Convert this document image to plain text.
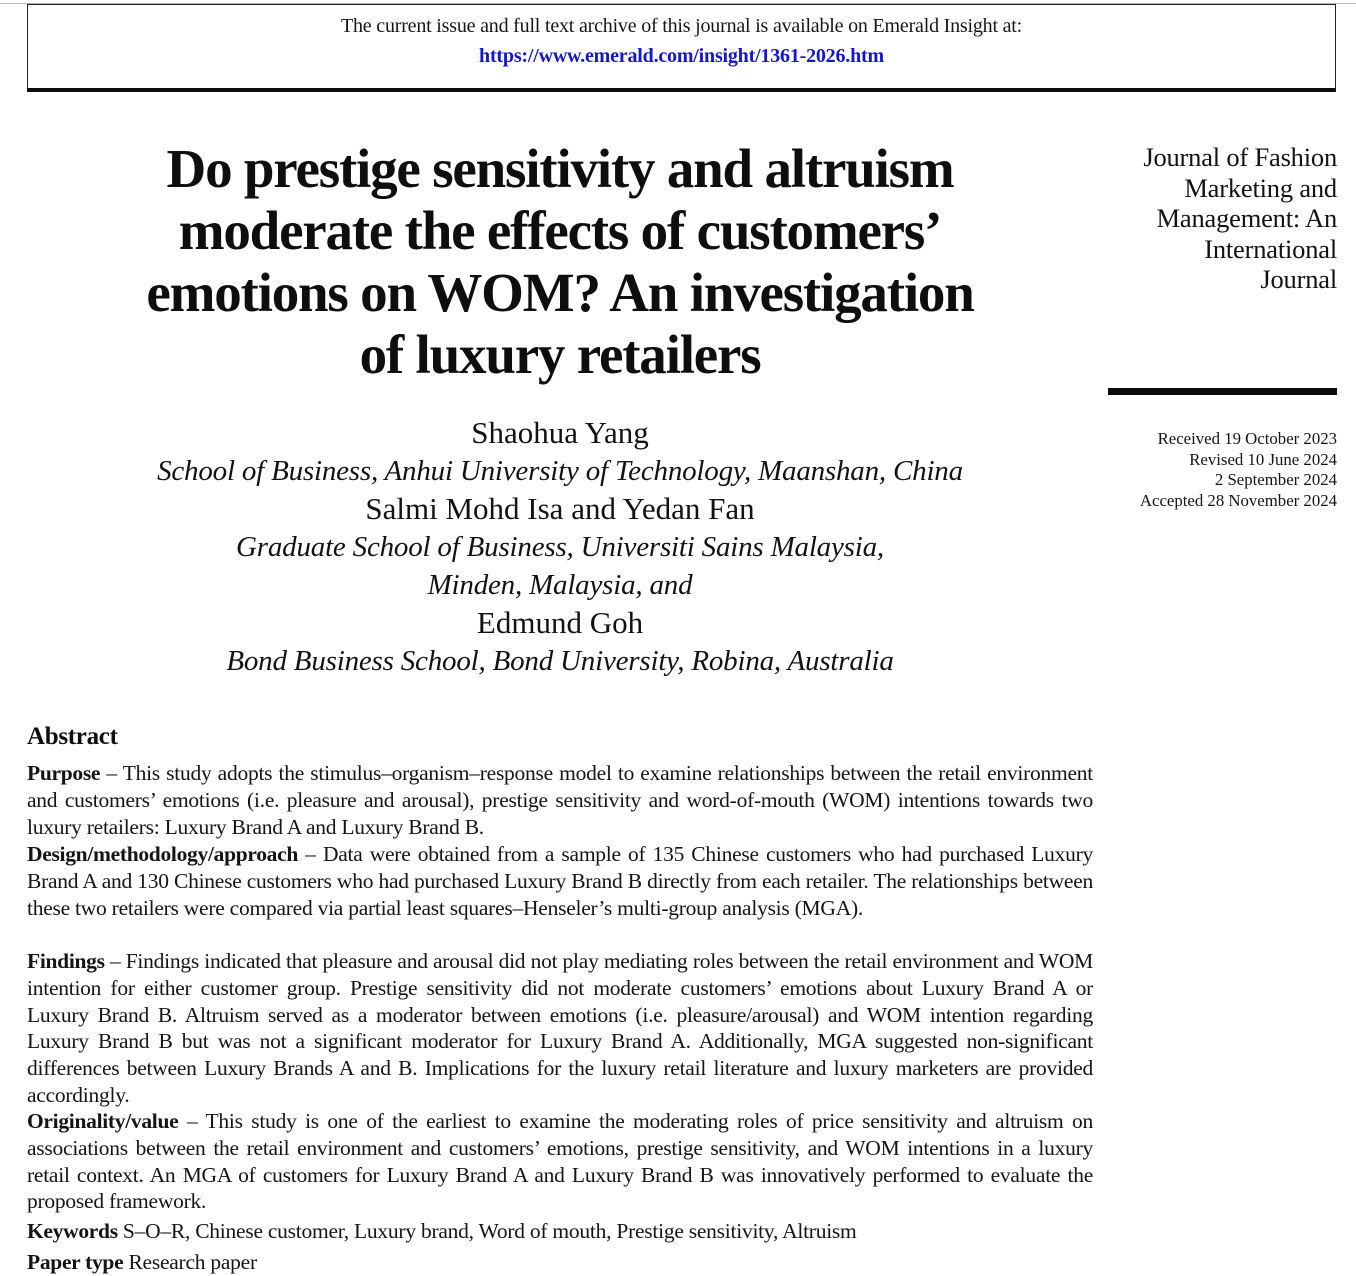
The current issue and full text archive of this journal is available on Emerald Insight at:
https://www.emerald.com/insight/1361-2026.htm
Do prestige sensitivity and altruism
moderate the effects of customers’
emotions on WOM? An investigation
of luxury retailers
Shaohua Yang
School of Business, Anhui University of Technology, Maanshan, China
Salmi Mohd Isa and Yedan Fan
Graduate School of Business, Universiti Sains Malaysia,
Minden, Malaysia, and
Edmund Goh
Bond Business School, Bond University, Robina, Australia
Journal of Fashion
Marketing and
Management: An
International
Journal
Received 19 October 2023
Revised 10 June 2024
2 September 2024
Accepted 28 November 2024
Abstract

Purpose – This study adopts the stimulus–organism–response model to examine relationships between the retail environment and customers’ emotions (i.e. pleasure and arousal), prestige sensitivity and word-of-mouth (WOM) intentions towards two luxury retailers: Luxury Brand A and Luxury Brand B.

Design/methodology/approach – Data were obtained from a sample of 135 Chinese customers who had purchased Luxury Brand A and 130 Chinese customers who had purchased Luxury Brand B directly from each retailer. The relationships between these two retailers were compared via partial least squares–Henseler’s multi-group analysis (MGA).

Findings – Findings indicated that pleasure and arousal did not play mediating roles between the retail environment and WOM intention for either customer group. Prestige sensitivity did not moderate customers’ emotions about Luxury Brand A or Luxury Brand B. Altruism served as a moderator between emotions (i.e. pleasure/arousal) and WOM intention regarding Luxury Brand B but was not a significant moderator for Luxury Brand A. Additionally, MGA suggested non-significant differences between Luxury Brands A and B. Implications for the luxury retail literature and luxury marketers are provided accordingly.

Originality/value – This study is one of the earliest to examine the moderating roles of price sensitivity and altruism on associations between the retail environment and customers’ emotions, prestige sensitivity, and WOM intentions in a luxury retail context. An MGA of customers for Luxury Brand A and Luxury Brand B was innovatively performed to evaluate the proposed framework.

Keywords S–O–R, Chinese customer, Luxury brand, Word of mouth, Prestige sensitivity, Altruism

Paper type Research paper
